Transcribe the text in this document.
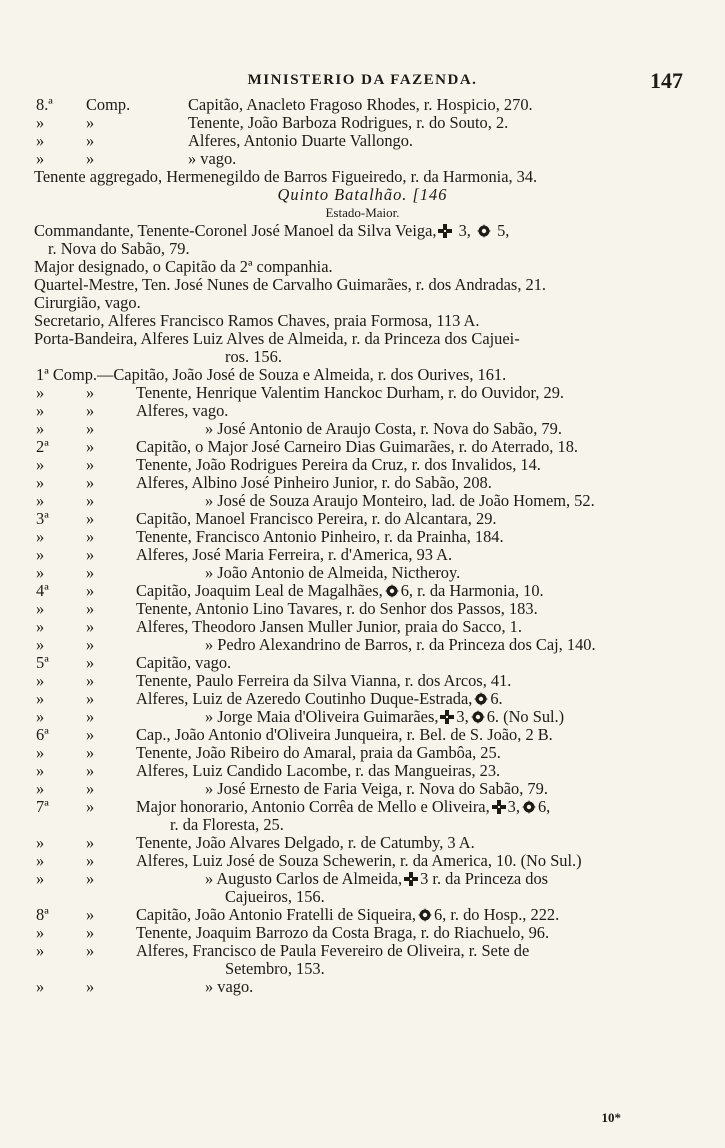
MINISTERIO DA FAZENDA.	147
8.ª	Comp.	Capitão, Anacleto Fragoso Rhodes, r. Hospicio, 270.
»	»	Tenente, João Barboza Rodrigues, r. do Souto, 2.
»	»	Alferes, Antonio Duarte Vallongo.
»	»	» vago.
Tenente aggregado, Hermenegildo de Barros Figueiredo, r. da Harmonia, 34.
Quinto Batalhão. [146
Estado-Maior.
Commandante, Tenente-Coronel José Manoel da Silva Veiga, 3,  5,
r. Nova do Sabão, 79.
Major designado, o Capitão da 2ª companhia.
Quartel-Mestre, Ten. José Nunes de Carvalho Guimarães, r. dos Andradas, 21.
Cirurgião, vago.
Secretario, Alferes Francisco Ramos Chaves, praia Formosa, 113 A.
Porta-Bandeira, Alferes Luiz Alves de Almeida, r. da Princeza dos Cajuei-
ros. 156.
1ª Comp.—Capitão, João José de Souza e Almeida, r. dos Ourives, 161.
»	»	Tenente, Henrique Valentim Hanckoc Durham, r. do Ouvidor, 29.
»	»	Alferes, vago.
»	»	» José Antonio de Araujo Costa, r. Nova do Sabão, 79.
2ª	»	Capitão, o Major José Carneiro Dias Guimarães, r. do Aterrado, 18.
»	»	Tenente, João Rodrigues Pereira da Cruz, r. dos Invalidos, 14.
»	»	Alferes, Albino José Pinheiro Junior, r. do Sabão, 208.
»	»	» José de Souza Araujo Monteiro, lad. de João Homem, 52.
3ª	»	Capitão, Manoel Francisco Pereira, r. do Alcantara, 29.
»	»	Tenente, Francisco Antonio Pinheiro, r. da Prainha, 184.
»	»	Alferes, José Maria Ferreira, r. d'America, 93 A.
»	»	» João Antonio de Almeida, Nictheroy.
4ª	»	Capitão, Joaquim Leal de Magalhães, 6, r. da Harmonia, 10.
»	»	Tenente, Antonio Lino Tavares, r. do Senhor dos Passos, 183.
»	»	Alferes, Theodoro Jansen Muller Junior, praia do Sacco, 1.
»	»	» Pedro Alexandrino de Barros, r. da Princeza dos Caj, 140.
5ª	»	Capitão, vago.
»	»	Tenente, Paulo Ferreira da Silva Vianna, r. dos Arcos, 41.
»	»	Alferes, Luiz de Azeredo Coutinho Duque-Estrada, 6.
»	»	» Jorge Maia d'Oliveira Guimarães, 3, 6. (No Sul.)
6ª	»	Cap., João Antonio d'Oliveira Junqueira, r. Bel. de S. João, 2 B.
»	»	Tenente, João Ribeiro do Amaral, praia da Gambôa, 25.
»	»	Alferes, Luiz Candido Lacombe, r. das Mangueiras, 23.
»	»	» José Ernesto de Faria Veiga, r. Nova do Sabão, 79.
7ª	»	Major honorario, Antonio Corrêa de Mello e Oliveira, 3, 6,
r. da Floresta, 25.
»	»	Tenente, João Alvares Delgado, r. de Catumby, 3 A.
»	»	Alferes, Luiz José de Souza Schewerin, r. da America, 10. (No Sul.)
»	»	» Augusto Carlos de Almeida, 3 r. da Princeza dos
Cajueiros, 156.
8ª	»	Capitão, João Antonio Fratelli de Siqueira, 6, r. do Hosp., 222.
»	»	Tenente, Joaquim Barrozo da Costa Braga, r. do Riachuelo, 96.
»	»	Alferes, Francisco de Paula Fevereiro de Oliveira, r. Sete de
Setembro, 153.
»	»	» vago.
10*
